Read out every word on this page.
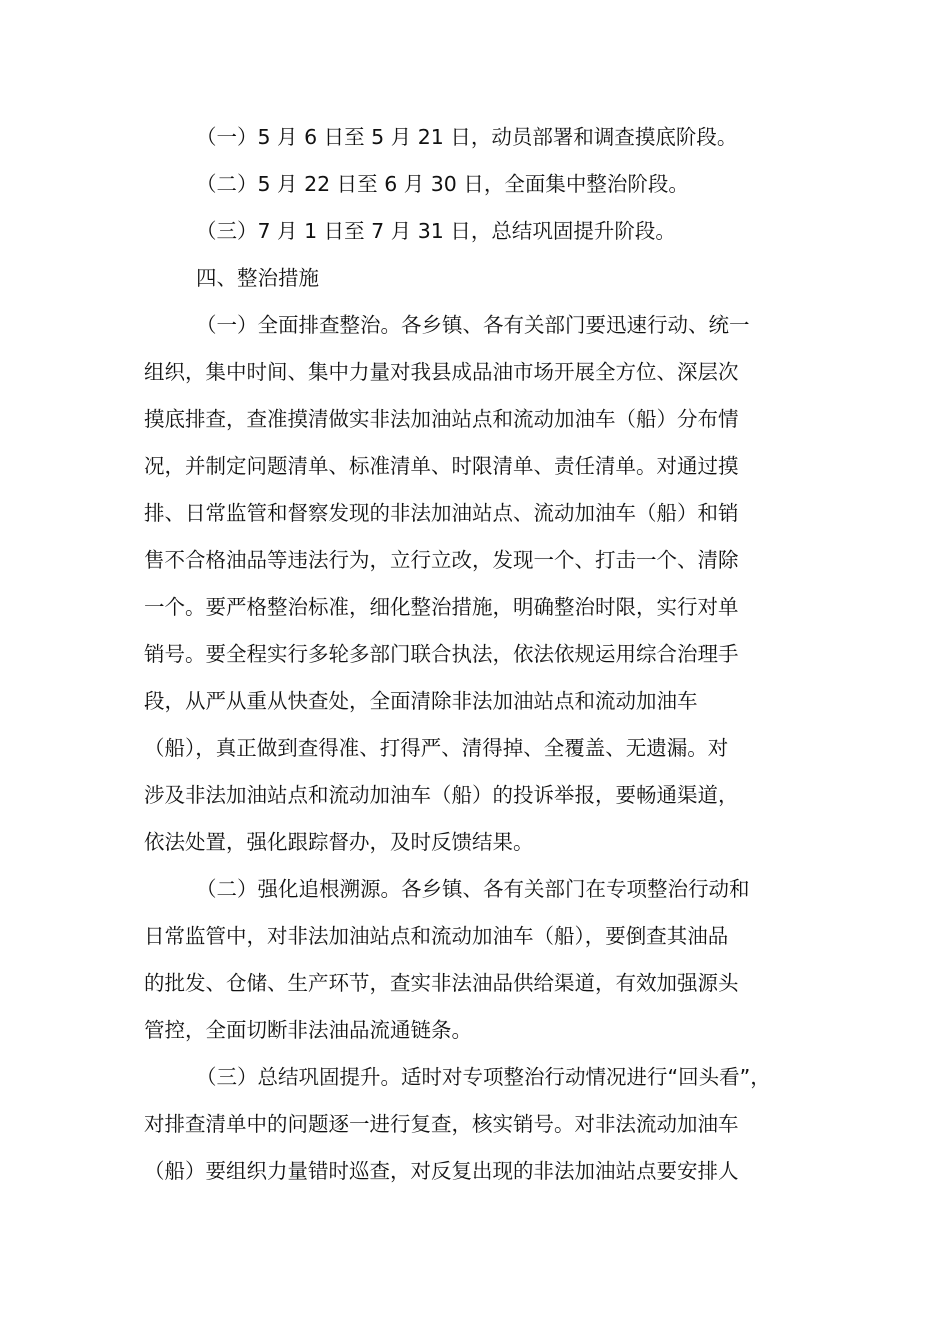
（一）5 月 6 日至 5 月 21 日，动员部署和调查摸底阶段。
（二）5 月 22 日至 6 月 30 日，全面集中整治阶段。
（三）7 月 1 日至 7 月 31 日，总结巩固提升阶段。
四、整治措施
（一）全面排查整治。各乡镇、各有关部门要迅速行动、统一
组织，集中时间、集中力量对我县成品油市场开展全方位、深层次
摸底排查，查准摸清做实非法加油站点和流动加油车（船）分布情
况，并制定问题清单、标准清单、时限清单、责任清单。对通过摸
排、日常监管和督察发现的非法加油站点、流动加油车（船）和销
售不合格油品等违法行为，立行立改，发现一个、打击一个、清除
一个。要严格整治标准，细化整治措施，明确整治时限，实行对单
销号。要全程实行多轮多部门联合执法，依法依规运用综合治理手
段，从严从重从快查处，全面清除非法加油站点和流动加油车
（船），真正做到查得准、打得严、清得掉、全覆盖、无遗漏。对
涉及非法加油站点和流动加油车（船）的投诉举报，要畅通渠道，
依法处置，强化跟踪督办，及时反馈结果。
（二）强化追根溯源。各乡镇、各有关部门在专项整治行动和
日常监管中，对非法加油站点和流动加油车（船），要倒查其油品
的批发、仓储、生产环节，查实非法油品供给渠道，有效加强源头
管控，全面切断非法油品流通链条。
（三）总结巩固提升。适时对专项整治行动情况进行“回头看”，
对排查清单中的问题逐一进行复查，核实销号。对非法流动加油车
（船）要组织力量错时巡查，对反复出现的非法加油站点要安排人
